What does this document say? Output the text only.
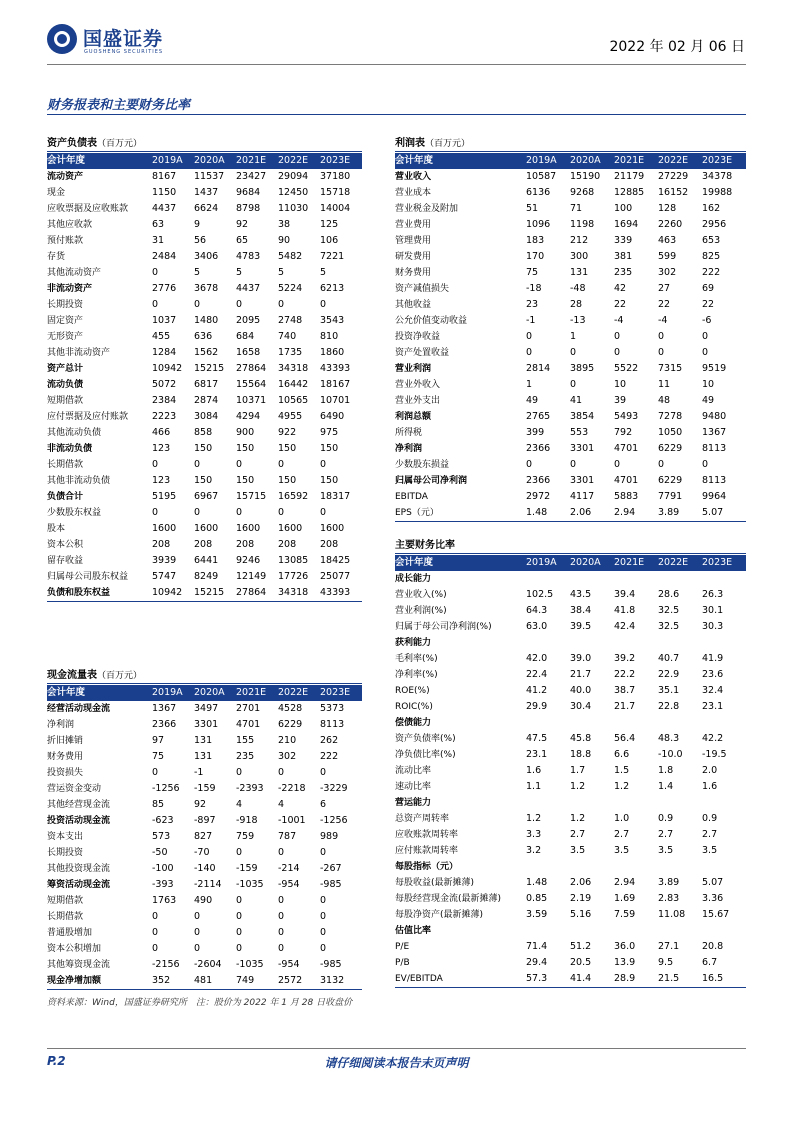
国盛证券
GUOSHENG SECURITIES	2022 年 02 月 06 日
财务报表和主要财务比率
资产负债表（百万元）
会计年度	2019A	2020A	2021E	2022E	2023E
流动资产	8167	11537	23427	29094	37180
现金	1150	1437	9684	12450	15718
应收票据及应收账款	4437	6624	8798	11030	14004
其他应收款	63	9	92	38	125
预付账款	31	56	65	90	106
存货	2484	3406	4783	5482	7221
其他流动资产	0	5	5	5	5
非流动资产	2776	3678	4437	5224	6213
长期投资	0	0	0	0	0
固定资产	1037	1480	2095	2748	3543
无形资产	455	636	684	740	810
其他非流动资产	1284	1562	1658	1735	1860
资产总计	10942	15215	27864	34318	43393
流动负债	5072	6817	15564	16442	18167
短期借款	2384	2874	10371	10565	10701
应付票据及应付账款	2223	3084	4294	4955	6490
其他流动负债	466	858	900	922	975
非流动负债	123	150	150	150	150
长期借款	0	0	0	0	0
其他非流动负债	123	150	150	150	150
负债合计	5195	6967	15715	16592	18317
少数股东权益	0	0	0	0	0
股本	1600	1600	1600	1600	1600
资本公积	208	208	208	208	208
留存收益	3939	6441	9246	13085	18425
归属母公司股东权益	5747	8249	12149	17726	25077
负债和股东权益	10942	15215	27864	34318	43393
现金流量表（百万元）
会计年度	2019A	2020A	2021E	2022E	2023E
经营活动现金流	1367	3497	2701	4528	5373
净利润	2366	3301	4701	6229	8113
折旧摊销	97	131	155	210	262
财务费用	75	131	235	302	222
投资损失	0	-1	0	0	0
营运资金变动	-1256	-159	-2393	-2218	-3229
其他经营现金流	85	92	4	4	6
投资活动现金流	-623	-897	-918	-1001	-1256
资本支出	573	827	759	787	989
长期投资	-50	-70	0	0	0
其他投资现金流	-100	-140	-159	-214	-267
筹资活动现金流	-393	-2114	-1035	-954	-985
短期借款	1763	490	0	0	0
长期借款	0	0	0	0	0
普通股增加	0	0	0	0	0
资本公积增加	0	0	0	0	0
其他筹资现金流	-2156	-2604	-1035	-954	-985
现金净增加额	352	481	749	2572	3132
利润表（百万元）
会计年度	2019A	2020A	2021E	2022E	2023E
营业收入	10587	15190	21179	27229	34378
营业成本	6136	9268	12885	16152	19988
营业税金及附加	51	71	100	128	162
营业费用	1096	1198	1694	2260	2956
管理费用	183	212	339	463	653
研发费用	170	300	381	599	825
财务费用	75	131	235	302	222
资产减值损失	-18	-48	42	27	69
其他收益	23	28	22	22	22
公允价值变动收益	-1	-13	-4	-4	-6
投资净收益	0	1	0	0	0
资产处置收益	0	0	0	0	0
营业利润	2814	3895	5522	7315	9519
营业外收入	1	0	10	11	10
营业外支出	49	41	39	48	49
利润总额	2765	3854	5493	7278	9480
所得税	399	553	792	1050	1367
净利润	2366	3301	4701	6229	8113
少数股东损益	0	0	0	0	0
归属母公司净利润	2366	3301	4701	6229	8113
EBITDA	2972	4117	5883	7791	9964
EPS（元）	1.48	2.06	2.94	3.89	5.07
主要财务比率
会计年度	2019A	2020A	2021E	2022E	2023E
成长能力					
营业收入(%)	102.5	43.5	39.4	28.6	26.3
营业利润(%)	64.3	38.4	41.8	32.5	30.1
归属于母公司净利润(%)	63.0	39.5	42.4	32.5	30.3
获利能力					
毛利率(%)	42.0	39.0	39.2	40.7	41.9
净利率(%)	22.4	21.7	22.2	22.9	23.6
ROE(%)	41.2	40.0	38.7	35.1	32.4
ROIC(%)	29.9	30.4	21.7	22.8	23.1
偿债能力					
资产负债率(%)	47.5	45.8	56.4	48.3	42.2
净负债比率(%)	23.1	18.8	6.6	-10.0	-19.5
流动比率	1.6	1.7	1.5	1.8	2.0
速动比率	1.1	1.2	1.2	1.4	1.6
营运能力					
总资产周转率	1.2	1.2	1.0	0.9	0.9
应收账款周转率	3.3	2.7	2.7	2.7	2.7
应付账款周转率	3.2	3.5	3.5	3.5	3.5
每股指标（元）					
每股收益(最新摊薄)	1.48	2.06	2.94	3.89	5.07
每股经营现金流(最新摊薄)	0.85	2.19	1.69	2.83	3.36
每股净资产(最新摊薄)	3.59	5.16	7.59	11.08	15.67
估值比率					
P/E	71.4	51.2	36.0	27.1	20.8
P/B	29.4	20.5	13.9	9.5	6.7
EV/EBITDA	57.3	41.4	28.9	21.5	16.5
资料来源：Wind，国盛证券研究所　注：股价为 2022 年 1 月 28 日收盘价
P.2	请仔细阅读本报告末页声明
